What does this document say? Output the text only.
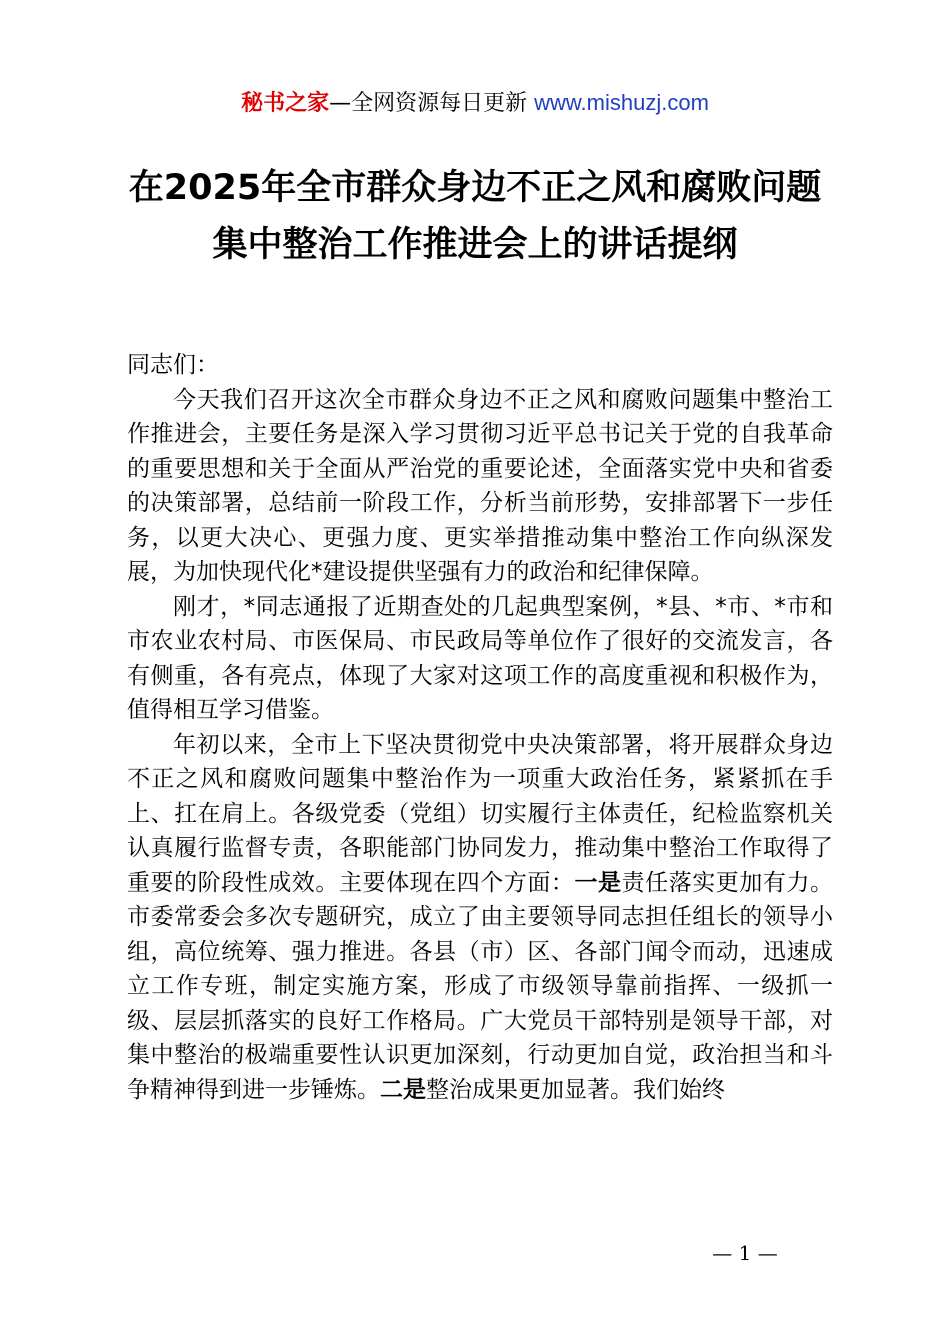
秘书之家—全网资源每日更新 www.mishuzj.com
在2025年全市群众身边不正之风和腐败问题
集中整治工作推进会上的讲话提纲

同志们：

今天我们召开这次全市群众身边不正之风和腐败问题集中整治工作推进会，主要任务是深入学习贯彻习近平总书记关于党的自我革命的重要思想和关于全面从严治党的重要论述，全面落实党中央和省委的决策部署，总结前一阶段工作，分析当前形势，安排部署下一步任务，以更大决心、更强力度、更实举措推动集中整治工作向纵深发展，为加快现代化*建设提供坚强有力的政治和纪律保障。

刚才，*同志通报了近期查处的几起典型案例，*县、*市、*市和市农业农村局、市医保局、市民政局等单位作了很好的交流发言，各有侧重，各有亮点，体现了大家对这项工作的高度重视和积极作为，值得相互学习借鉴。

年初以来，全市上下坚决贯彻党中央决策部署，将开展群众身边不正之风和腐败问题集中整治作为一项重大政治任务，紧紧抓在手上、扛在肩上。各级党委（党组）切实履行主体责任，纪检监察机关认真履行监督专责，各职能部门协同发力，推动集中整治工作取得了重要的阶段性成效。主要体现在四个方面：一是责任落实更加有力。市委常委会多次专题研究，成立了由主要领导同志担任组长的领导小组，高位统筹、强力推进。各县（市）区、各部门闻令而动，迅速成立工作专班，制定实施方案，形成了市级领导靠前指挥、一级抓一级、层层抓落实的良好工作格局。广大党员干部特别是领导干部，对集中整治的极端重要性认识更加深刻，行动更加自觉，政治担当和斗争精神得到进一步锤炼。二是整治成果更加显著。我们始终

— 1 —
